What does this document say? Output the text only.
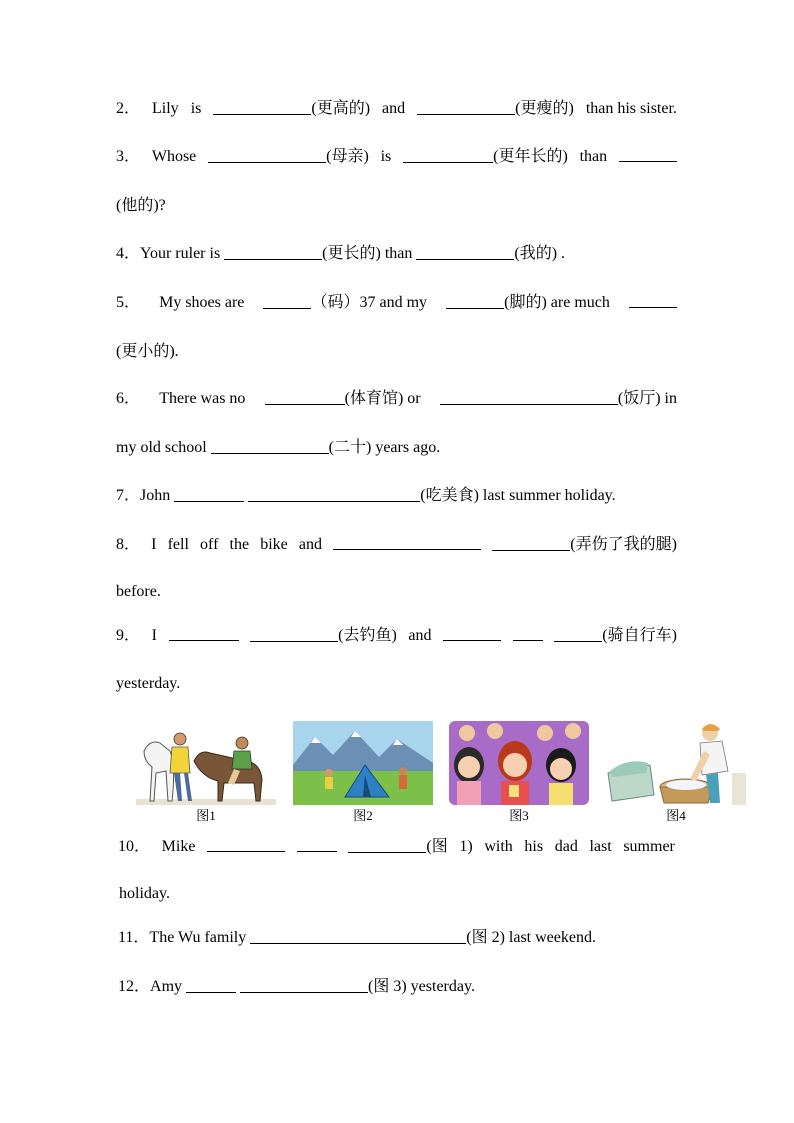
2． Lily is	(更高的) and	(更瘦的) than his sister.
3． Whose	(母亲) is	(更年长的) than
(他的)?
4．Your ruler is	(更长的) than	(我的) .
5． My shoes are	（码）37 and my	(脚的) are much
(更小的).
6． There was no	(体育馆) or	(饭厅) in
my old school	(二十) years ago.
7．John	(吃美食) last summer holiday.
8． I fell off the bike and	(弄伤了我的腿)
before.
9． I	(去钓鱼) and	(骑自行车)
yesterday.
图1	图2	图3	图4
10． Mike	(图 1) with his dad last summer
holiday.
11．The Wu family	(图 2) last weekend.
12．Amy	(图 3) yesterday.
